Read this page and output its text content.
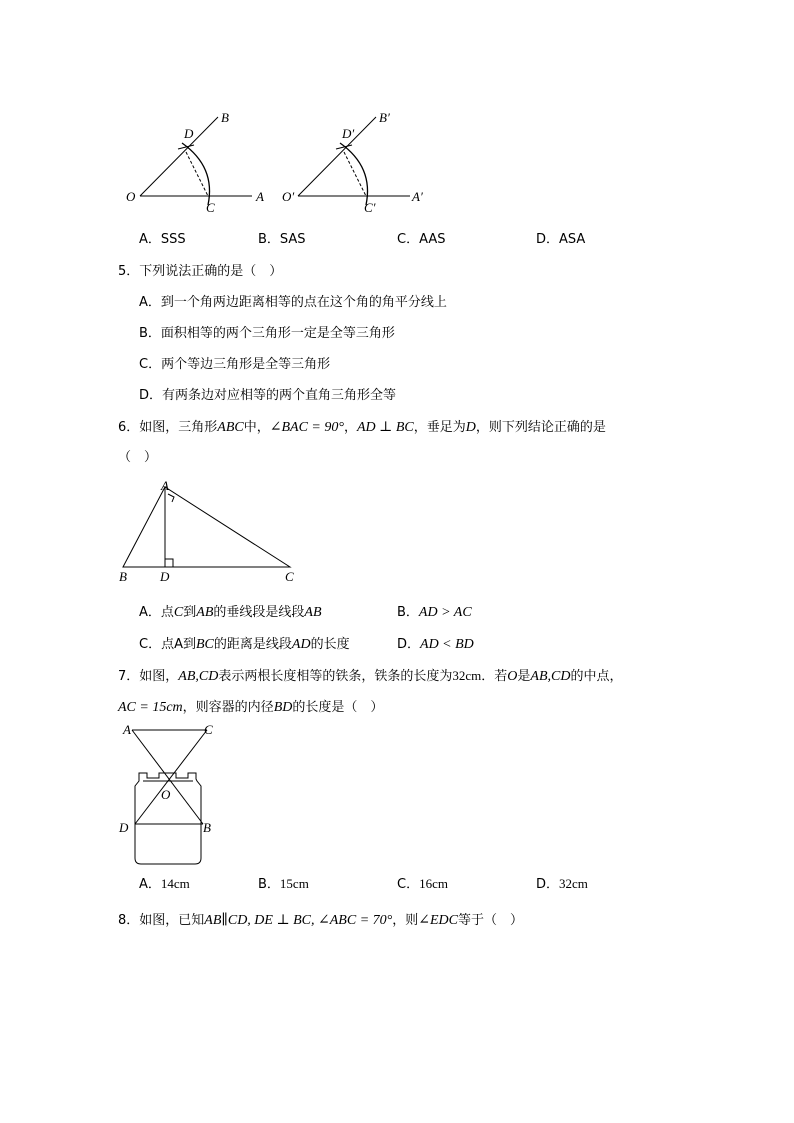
B
D
O
C
A
B′
D′
O′
C′
A′
A．SSS	B．SAS	C．AAS	D．ASA
5．下列说法正确的是（　）
A．到一个角两边距离相等的点在这个角的角平分线上
B．面积相等的两个三角形一定是全等三角形
C．两个等边三角形是全等三角形
D．有两条边对应相等的两个直角三角形全等
6．如图，三角形ABC中，∠BAC = 90°，AD ⊥ BC，垂足为D，则下列结论正确的是
（　）
A
B	D	C
A．点C到AB的垂线段是线段AB	B．AD > AC
C．点A到BC的距离是线段AD的长度	D．AD < BD
7．如图，AB,CD表示两根长度相等的铁条，铁条的长度为32cm．若O是AB,CD的中点，
AC = 15cm，则容器的内径BD的长度是（　）
A	C
O
D	B
A．14cm	B．15cm	C．16cm	D．32cm
8．如图，已知AB∥CD, DE ⊥ BC, ∠ABC = 70°，则∠EDC等于（　）
